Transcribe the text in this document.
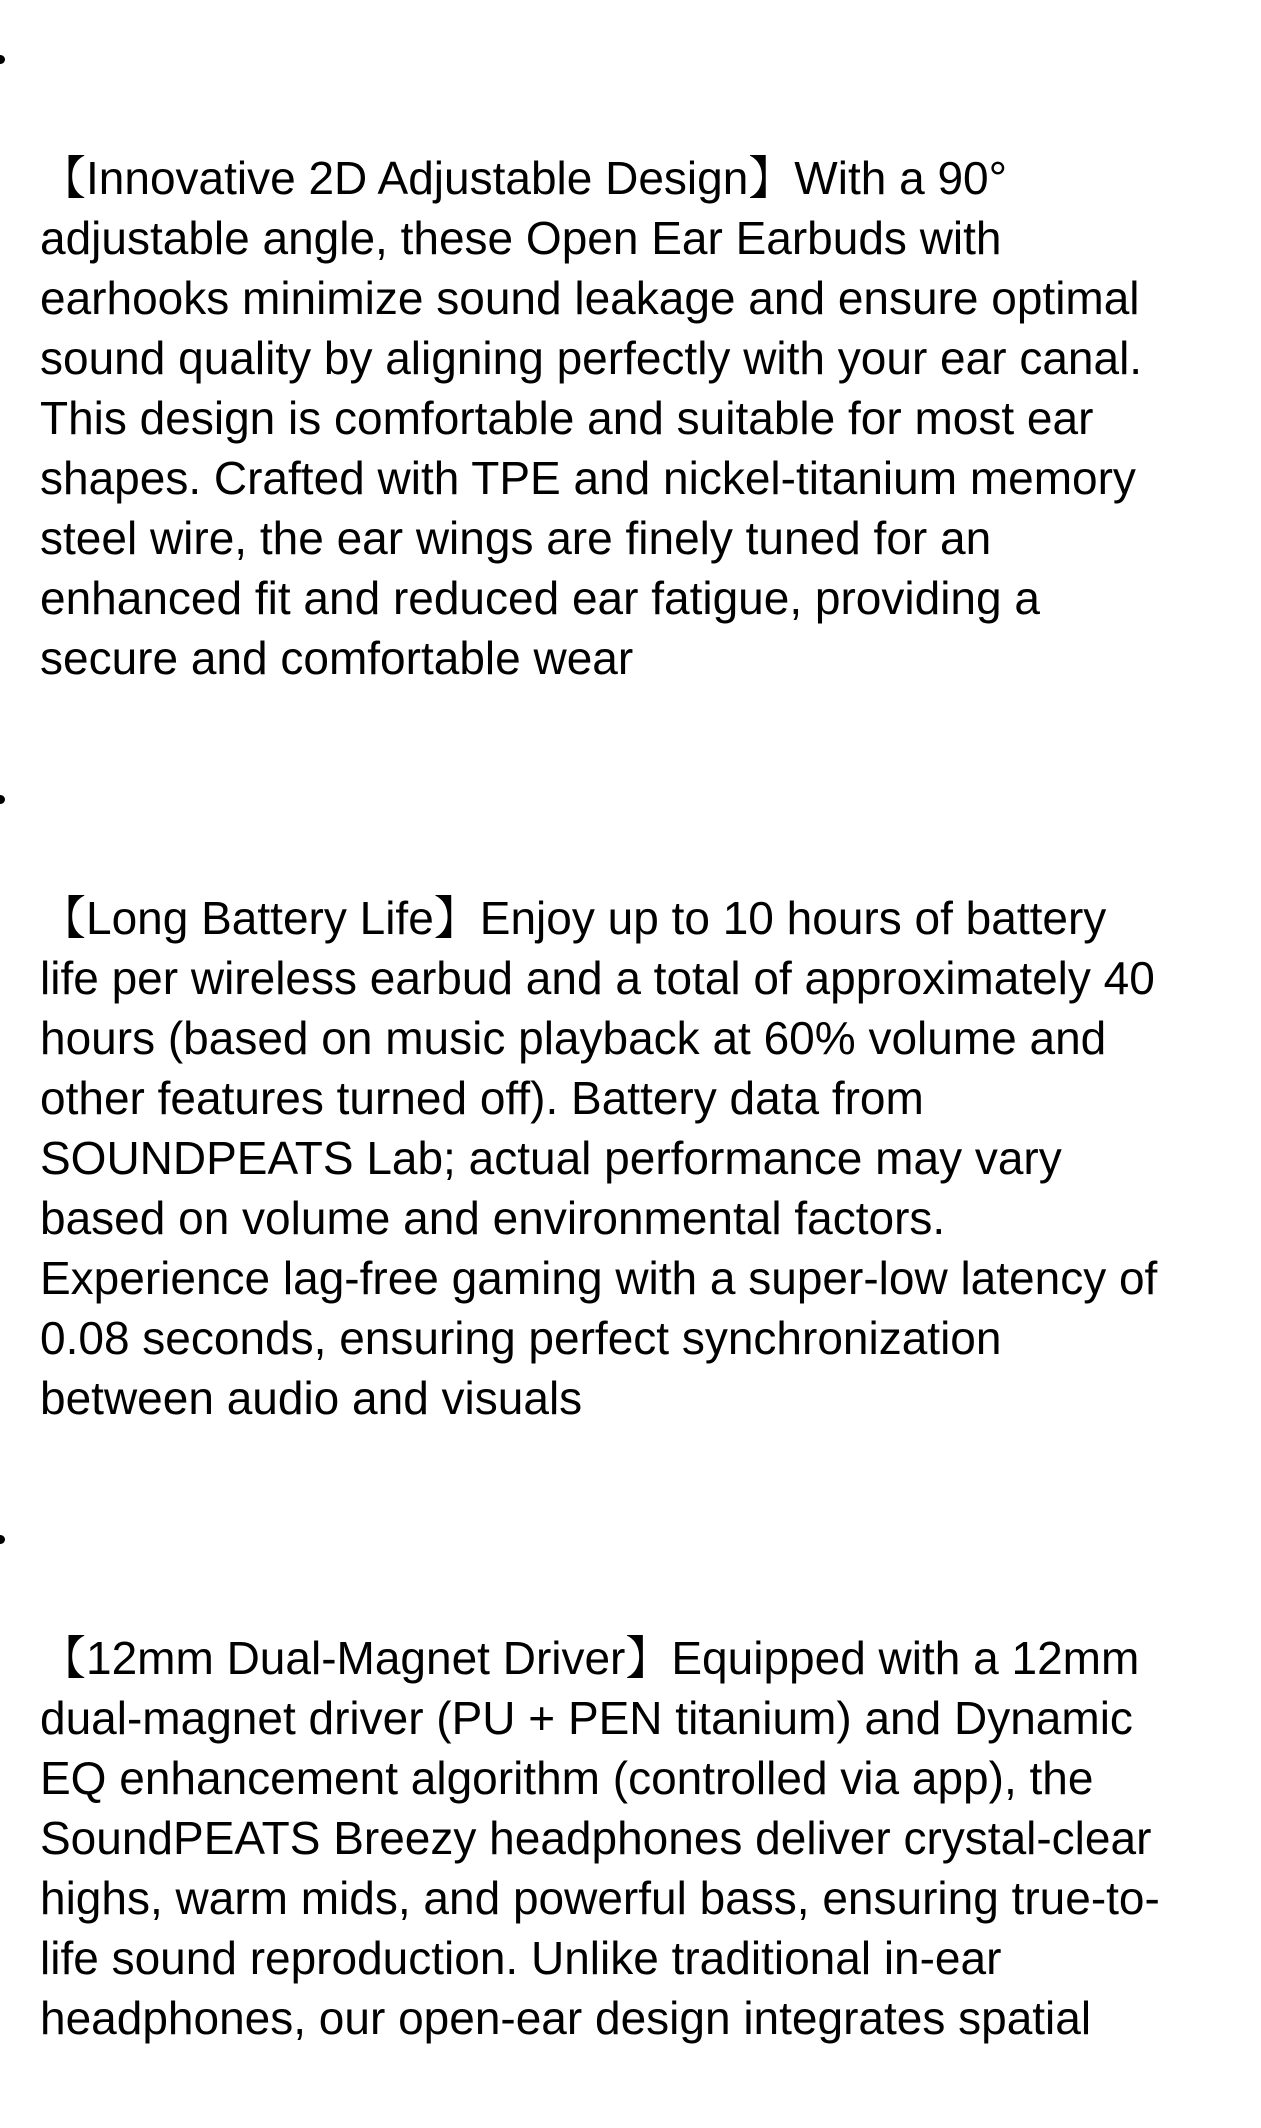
【Innovative 2D Adjustable Design】With a 90°
adjustable angle, these Open Ear Earbuds with
earhooks minimize sound leakage and ensure optimal
sound quality by aligning perfectly with your ear canal.
This design is comfortable and suitable for most ear
shapes. Crafted with TPE and nickel-titanium memory
steel wire, the ear wings are finely tuned for an
enhanced fit and reduced ear fatigue, providing a
secure and comfortable wear

【Long Battery Life】Enjoy up to 10 hours of battery
life per wireless earbud and a total of approximately 40
hours (based on music playback at 60% volume and
other features turned off). Battery data from
SOUNDPEATS Lab; actual performance may vary
based on volume and environmental factors.
Experience lag-free gaming with a super-low latency of
0.08 seconds, ensuring perfect synchronization
between audio and visuals

【12mm Dual-Magnet Driver】Equipped with a 12mm
dual-magnet driver (PU + PEN titanium) and Dynamic
EQ enhancement algorithm (controlled via app), the
SoundPEATS Breezy headphones deliver crystal-clear
highs, warm mids, and powerful bass, ensuring true-to-
life sound reproduction. Unlike traditional in-ear
headphones, our open-ear design integrates spatial
